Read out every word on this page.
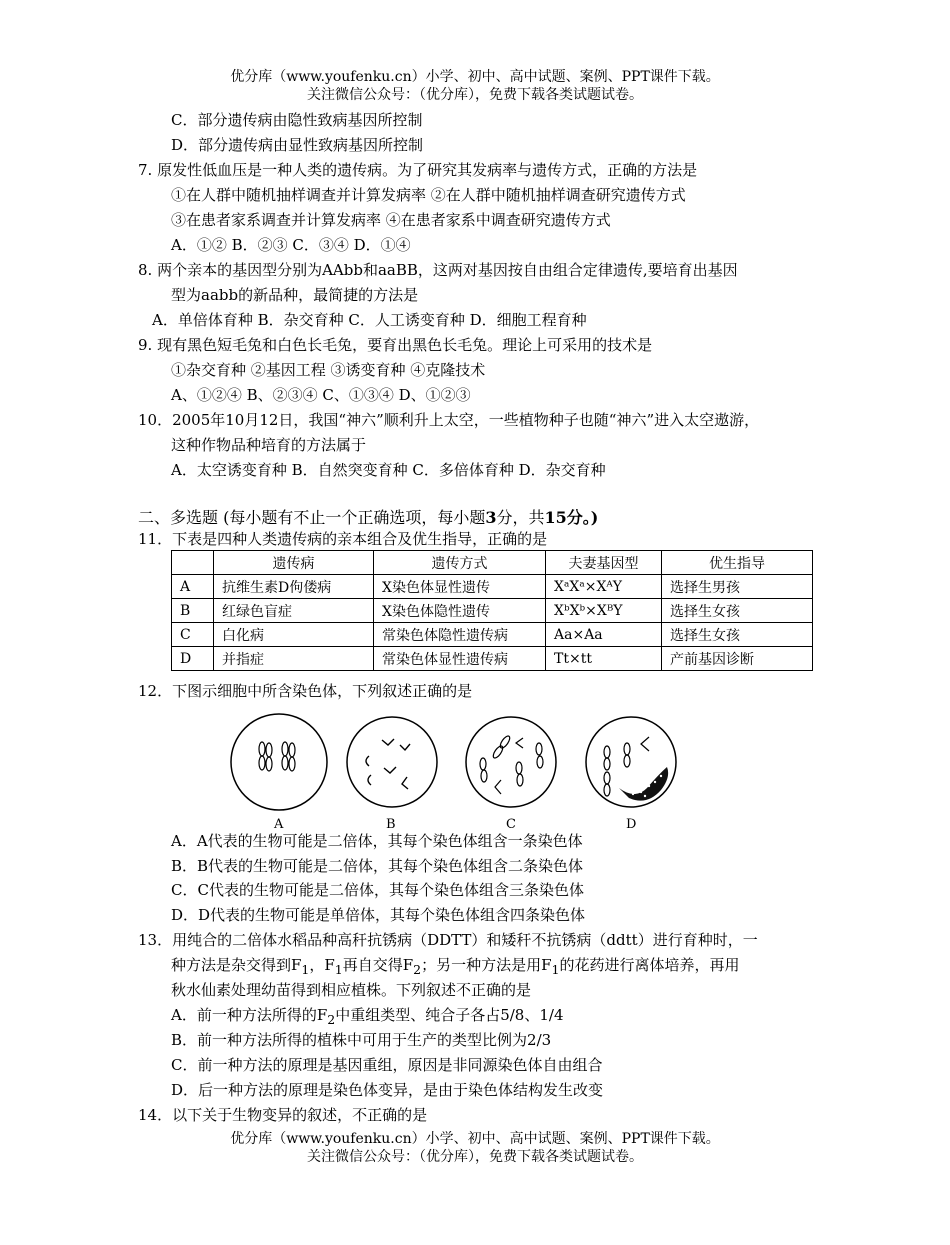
优分库（www.youfenku.cn）小学、初中、高中试题、案例、PPT课件下载。
关注微信公众号：（优分库），免费下载各类试题试卷。
C．部分遗传病由隐性致病基因所控制
D．部分遗传病由显性致病基因所控制
7. 原发性低血压是一种人类的遗传病。为了研究其发病率与遗传方式，正确的方法是
①在人群中随机抽样调查并计算发病率 ②在人群中随机抽样调查研究遗传方式
③在患者家系调查并计算发病率 ④在患者家系中调查研究遗传方式
A．①② B．②③ C．③④ D．①④
8. 两个亲本的基因型分别为AAbb和aaBB，这两对基因按自由组合定律遗传,要培育出基因
型为aabb的新品种，最简捷的方法是
A．单倍体育种 B．杂交育种 C．人工诱变育种 D．细胞工程育种
9. 现有黑色短毛兔和白色长毛兔，要育出黑色长毛兔。理论上可采用的技术是
①杂交育种 ②基因工程 ③诱变育种 ④克隆技术
A、①②④ B、②③④ C、①③④ D、①②③
10．2005年10月12日，我国“神六”顺利升上太空，一些植物种子也随“神六”进入太空遨游，
这种作物品种培育的方法属于
A．太空诱变育种 B．自然突变育种 C．多倍体育种 D．杂交育种
二、多选题 (每小题有不止一个正确选项，每小题3分，共15分。)
11．下表是四种人类遗传病的亲本组合及优生指导，正确的是
	遗传病	遗传方式	夫妻基因型	优生指导
A	抗维生素D佝偻病	X染色体显性遗传	XᵃXᵃ×XᴬY	选择生男孩
B	红绿色盲症	X染色体隐性遗传	XᵇXᵇ×XᴮY	选择生女孩
C	白化病	常染色体隐性遗传病	Aa×Aa	选择生女孩
D	并指症	常染色体显性遗传病	Tt×tt	产前基因诊断
12．下图示细胞中所含染色体，下列叙述正确的是
A	B	C	D
A．A代表的生物可能是二倍体，其每个染色体组含一条染色体
B．B代表的生物可能是二倍体，其每个染色体组含二条染色体
C．C代表的生物可能是二倍体，其每个染色体组含三条染色体
D．D代表的生物可能是单倍体，其每个染色体组含四条染色体
13．用纯合的二倍体水稻品种高秆抗锈病（DDTT）和矮秆不抗锈病（ddtt）进行育种时，一
种方法是杂交得到$F_1$，$F_1$再自交得$F_2$；另一种方法是用$F_1$的花药进行离体培养，再用
秋水仙素处理幼苗得到相应植株。下列叙述不正确的是
A．前一种方法所得的$F_2$中重组类型、纯合子各占5/8、1/4
B．前一种方法所得的植株中可用于生产的类型比例为2/3
C．前一种方法的原理是基因重组，原因是非同源染色体自由组合
D．后一种方法的原理是染色体变异，是由于染色体结构发生改变
14．以下关于生物变异的叙述，不正确的是
优分库（www.youfenku.cn）小学、初中、高中试题、案例、PPT课件下载。
关注微信公众号：（优分库），免费下载各类试题试卷。
